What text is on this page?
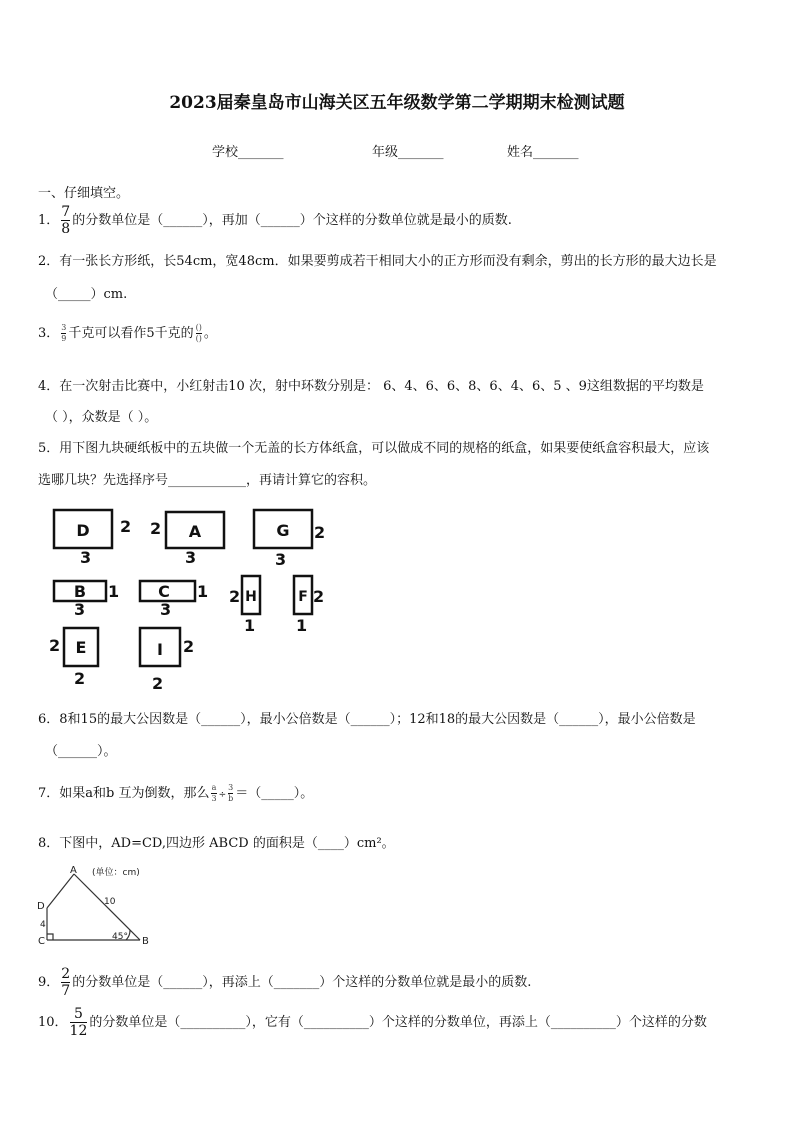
2023届秦皇岛市山海关区五年级数学第二学期期末检测试题
学校_______	年级_______	姓名_______
一、仔细填空。
1． $\frac{7}{8}$ 的分数单位是（______），再加（______）个这样的分数单位就是最小的质数.
2．有一张长方形纸，长54cm，宽48cm．如果要剪成若干相同大小的正方形而没有剩余，剪出的长方形的最大边长是
（_____）cm.
3． $\frac{3}{9}$ 千克可以看作5千克的 $\frac{()}{()}$ 。
4．在一次射击比赛中，小红射击10 次，射中环数分别是： 6、4、6、6、8、6、4、6、5 、9这组数据的平均数是
（ ），众数是（ ）。
5．用下图九块硬纸板中的五块做一个无盖的长方体纸盒，可以做成不同的规格的纸盒，如果要使纸盒容积最大，应该
选哪几块？先选择序号____________，再请计算它的容积。
D 2
3
A
2
3
G 2
3
B 1
3
C 1
3
H
2
1
F 2
1
E
2
2
I 2
2
6．8和15的最大公因数是（______），最小公倍数是（______）；12和18的最大公因数是（______），最小公倍数是
（______）。
7．如果a和b 互为倒数，那么 $\frac{a}{3} \div \frac{3}{b}$ ＝（_____）。
8．下图中，AD=CD,四边形 ABCD 的面积是（____）cm²。
A
B
C
D
(单位：cm)
10
4
45°
9． $\frac{2}{7}$ 的分数单位是（______），再添上（_______）个这样的分数单位就是最小的质数.
10． $\frac{5}{12}$ 的分数单位是（__________），它有（__________）个这样的分数单位，再添上（__________）个这样的分数
